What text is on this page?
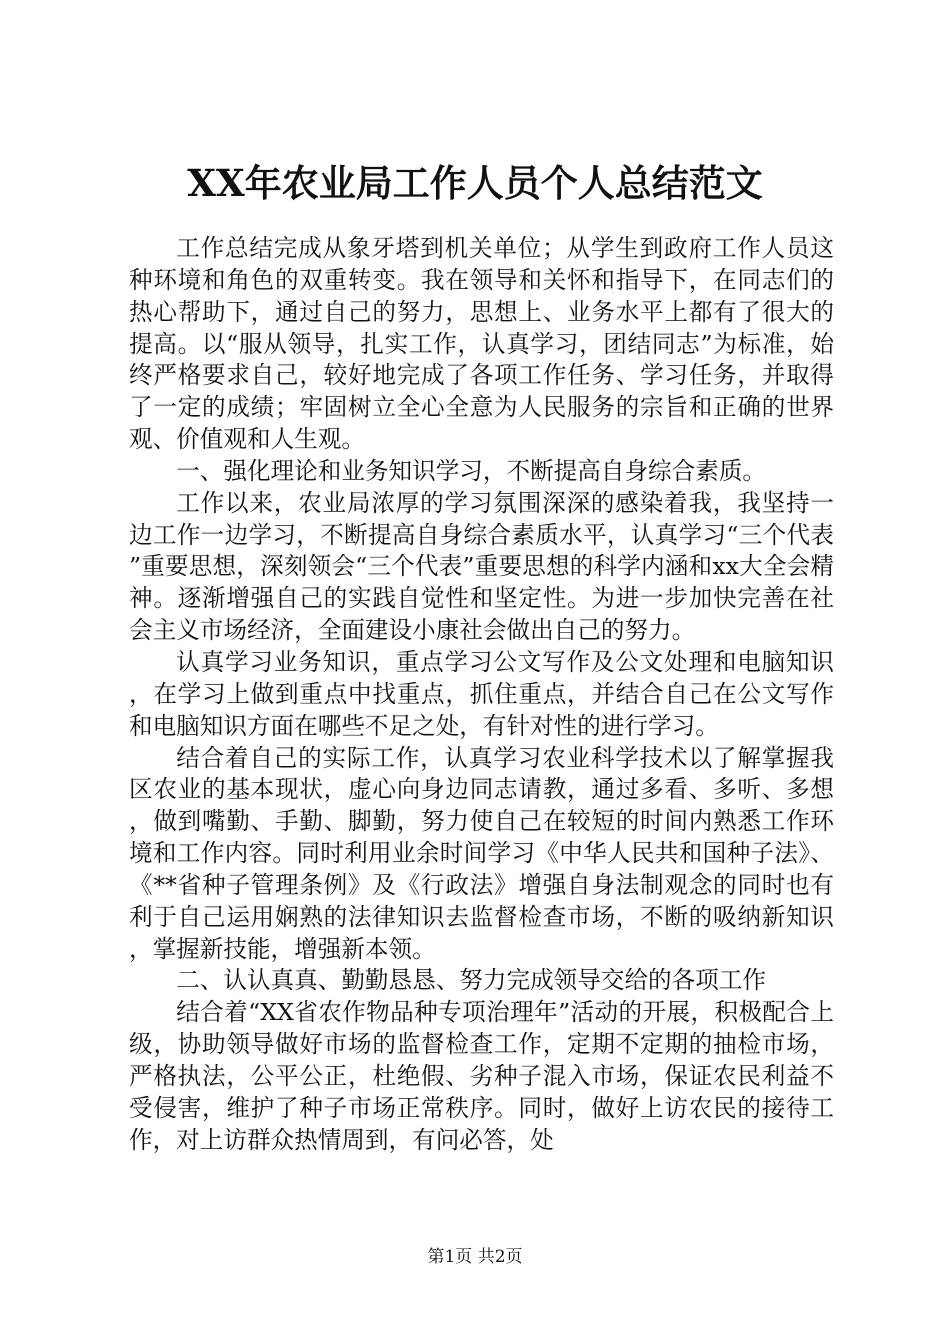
XX年农业局工作人员个人总结范文

工作总结完成从象牙塔到机关单位；从学生到政府工作人员这种环境和角色的双重转变。我在领导和关怀和指导下，在同志们的热心帮助下，通过自己的努力，思想上、业务水平上都有了很大的提高。以“服从领导，扎实工作，认真学习，团结同志”为标准，始终严格要求自己，较好地完成了各项工作任务、学习任务，并取得了一定的成绩；牢固树立全心全意为人民服务的宗旨和正确的世界观、价值观和人生观。

一、强化理论和业务知识学习，不断提高自身综合素质。

工作以来，农业局浓厚的学习氛围深深的感染着我，我坚持一边工作一边学习，不断提高自身综合素质水平，认真学习“三个代表”重要思想，深刻领会“三个代表”重要思想的科学内涵和xx大全会精神。逐渐增强自己的实践自觉性和坚定性。为进一步加快完善在社会主义市场经济，全面建设小康社会做出自己的努力。

认真学习业务知识，重点学习公文写作及公文处理和电脑知识，在学习上做到重点中找重点，抓住重点，并结合自己在公文写作和电脑知识方面在哪些不足之处，有针对性的进行学习。

结合着自己的实际工作，认真学习农业科学技术以了解掌握我区农业的基本现状，虚心向身边同志请教，通过多看、多听、多想，做到嘴勤、手勤、脚勤，努力使自己在较短的时间内熟悉工作环境和工作内容。同时利用业余时间学习《中华人民共和国种子法》、《**省种子管理条例》及《行政法》增强自身法制观念的同时也有利于自己运用娴熟的法律知识去监督检查市场，不断的吸纳新知识，掌握新技能，增强新本领。

二、认认真真、勤勤恳恳、努力完成领导交给的各项工作

结合着“XX省农作物品种专项治理年”活动的开展，积极配合上级，协助领导做好市场的监督检查工作，定期不定期的抽检市场，严格执法，公平公正，杜绝假、劣种子混入市场，保证农民利益不受侵害，维护了种子市场正常秩序。同时，做好上访农民的接待工作，对上访群众热情周到，有问必答，处

第1页 共2页
